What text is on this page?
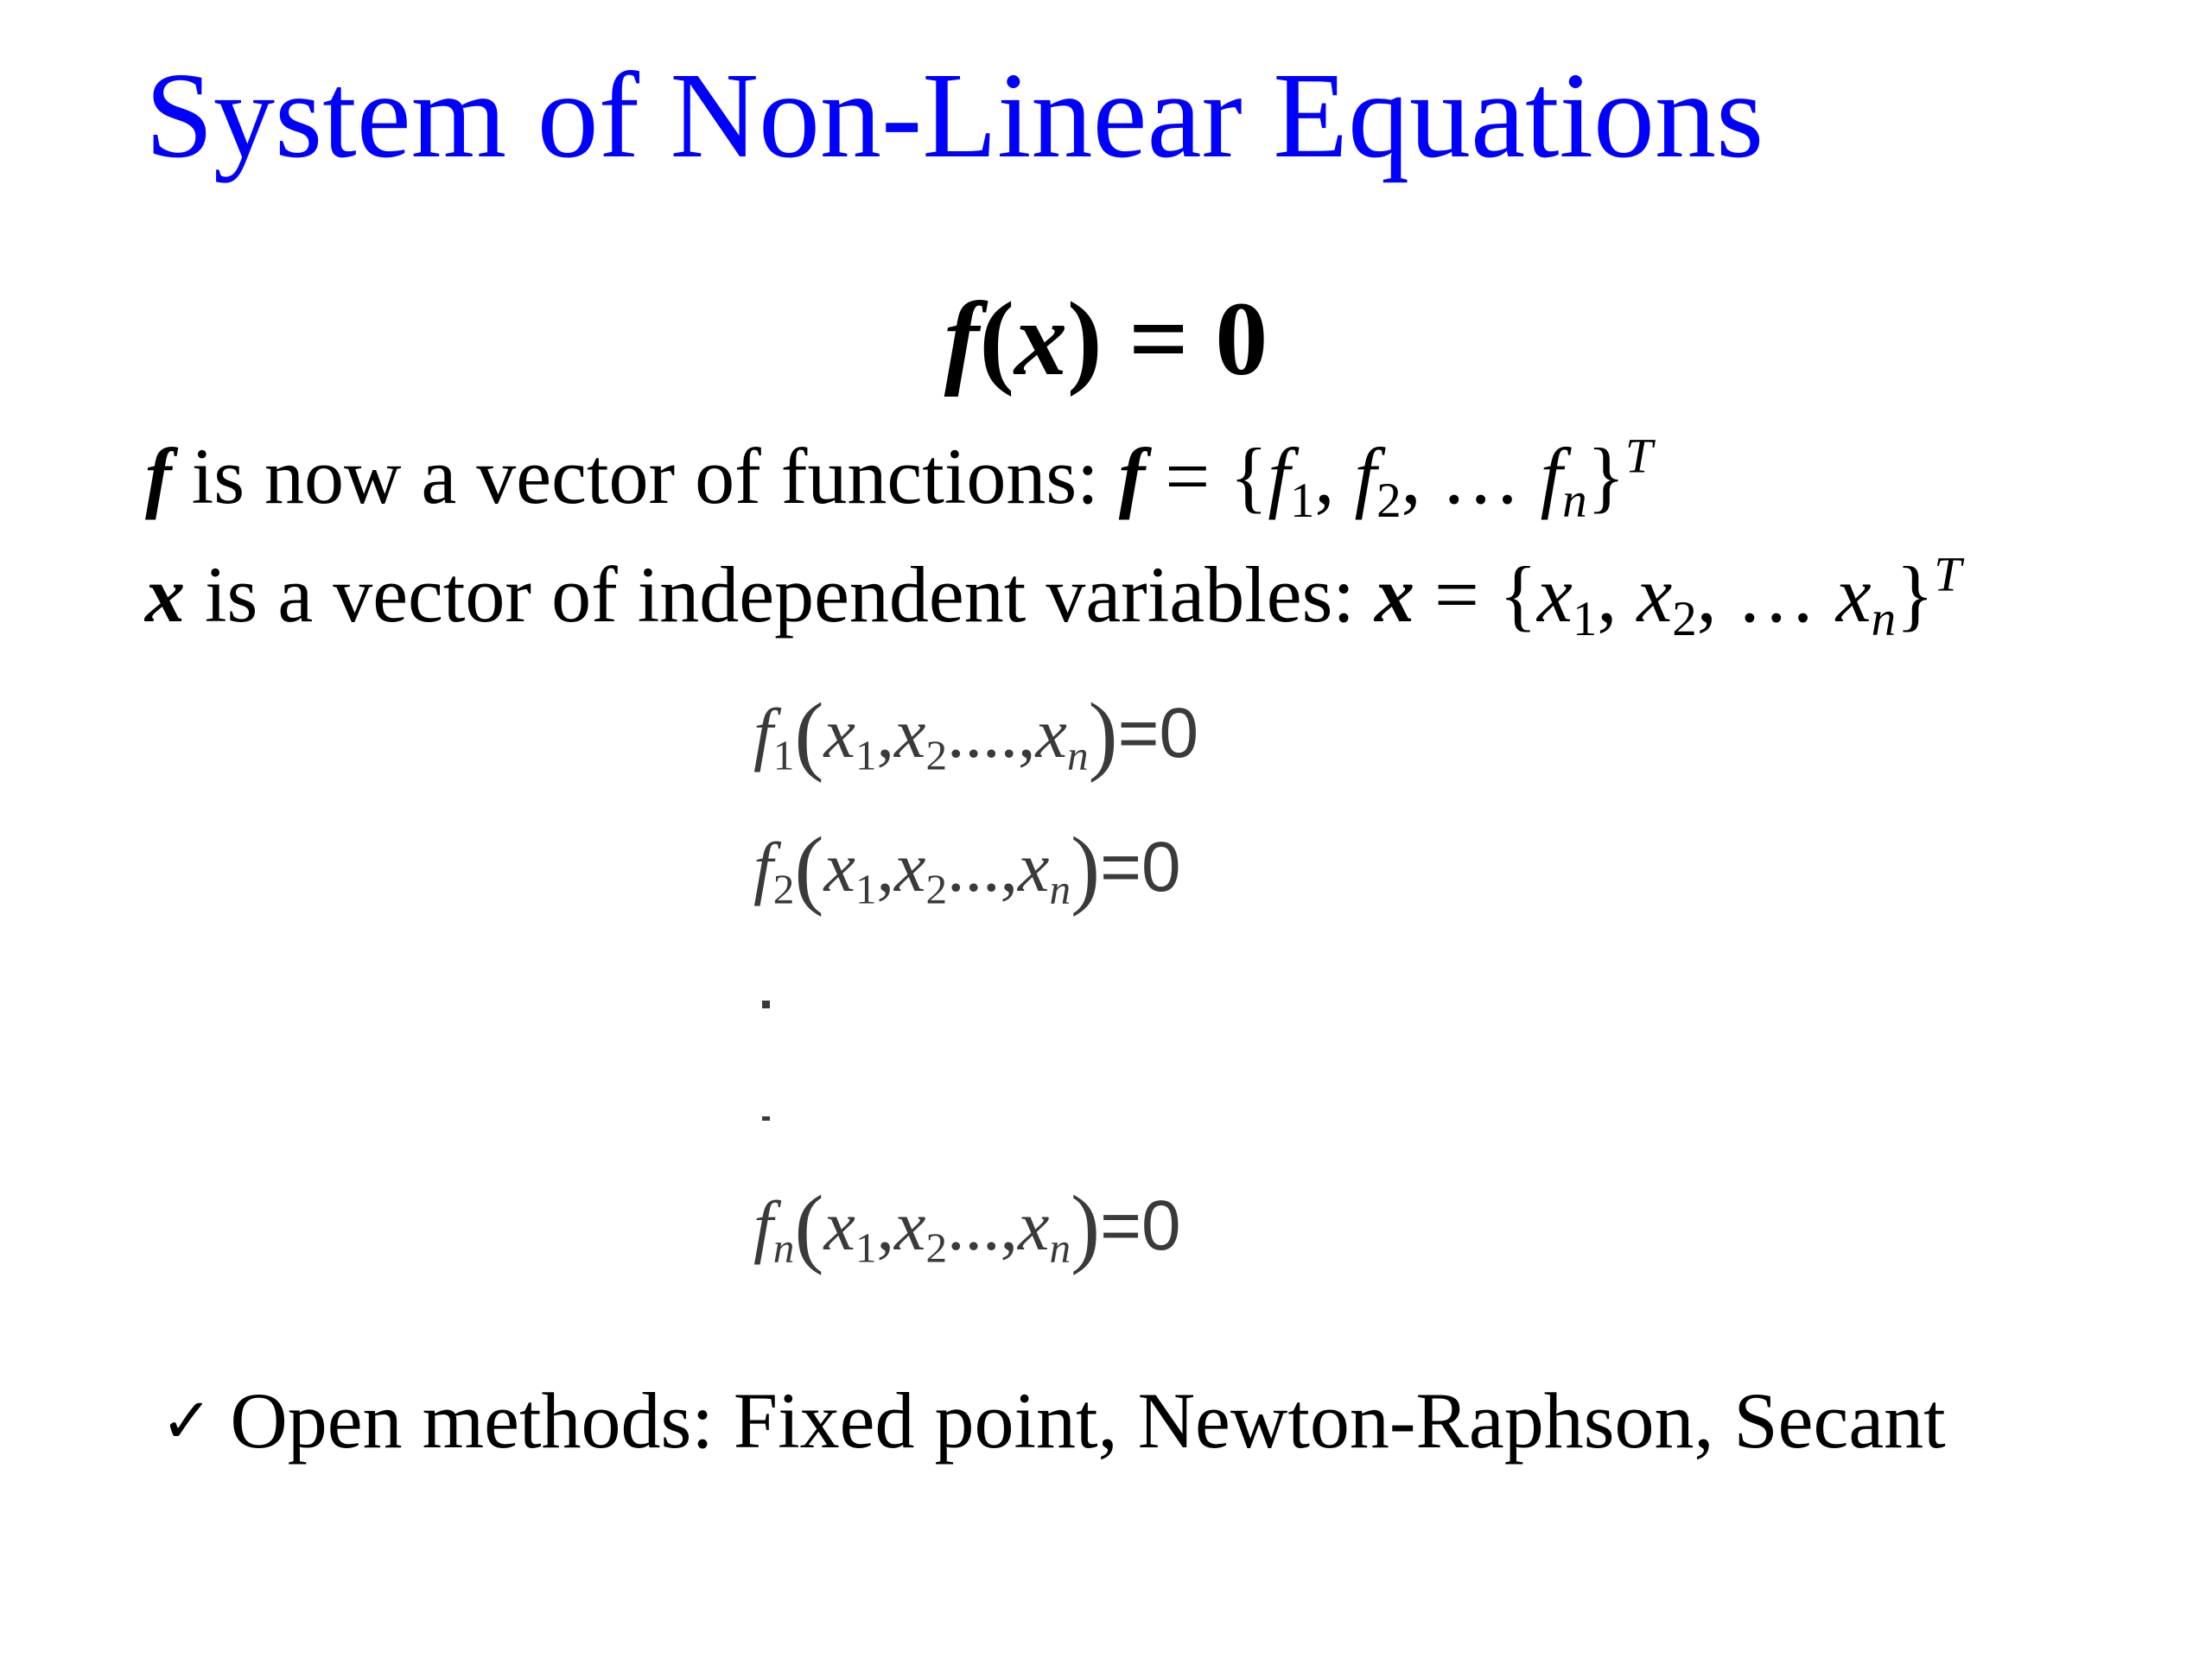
System of Non-Linear Equations
f(x) = 0
f is now a vector of functions: $f = \{f_1$, $f_2$, … $f_n\}^T$
x is a vector of independent variables: $x = \{x_1$, $x_2$, … $x_n\}^T$
$f_1(x_1,x_2....,x_n)=0$
$f_2(x_1,x_2...,x_n)=0$
$f_n(x_1,x_2...,x_n)=0$
✓ Open methods: Fixed point, Newton-Raphson, Secant
